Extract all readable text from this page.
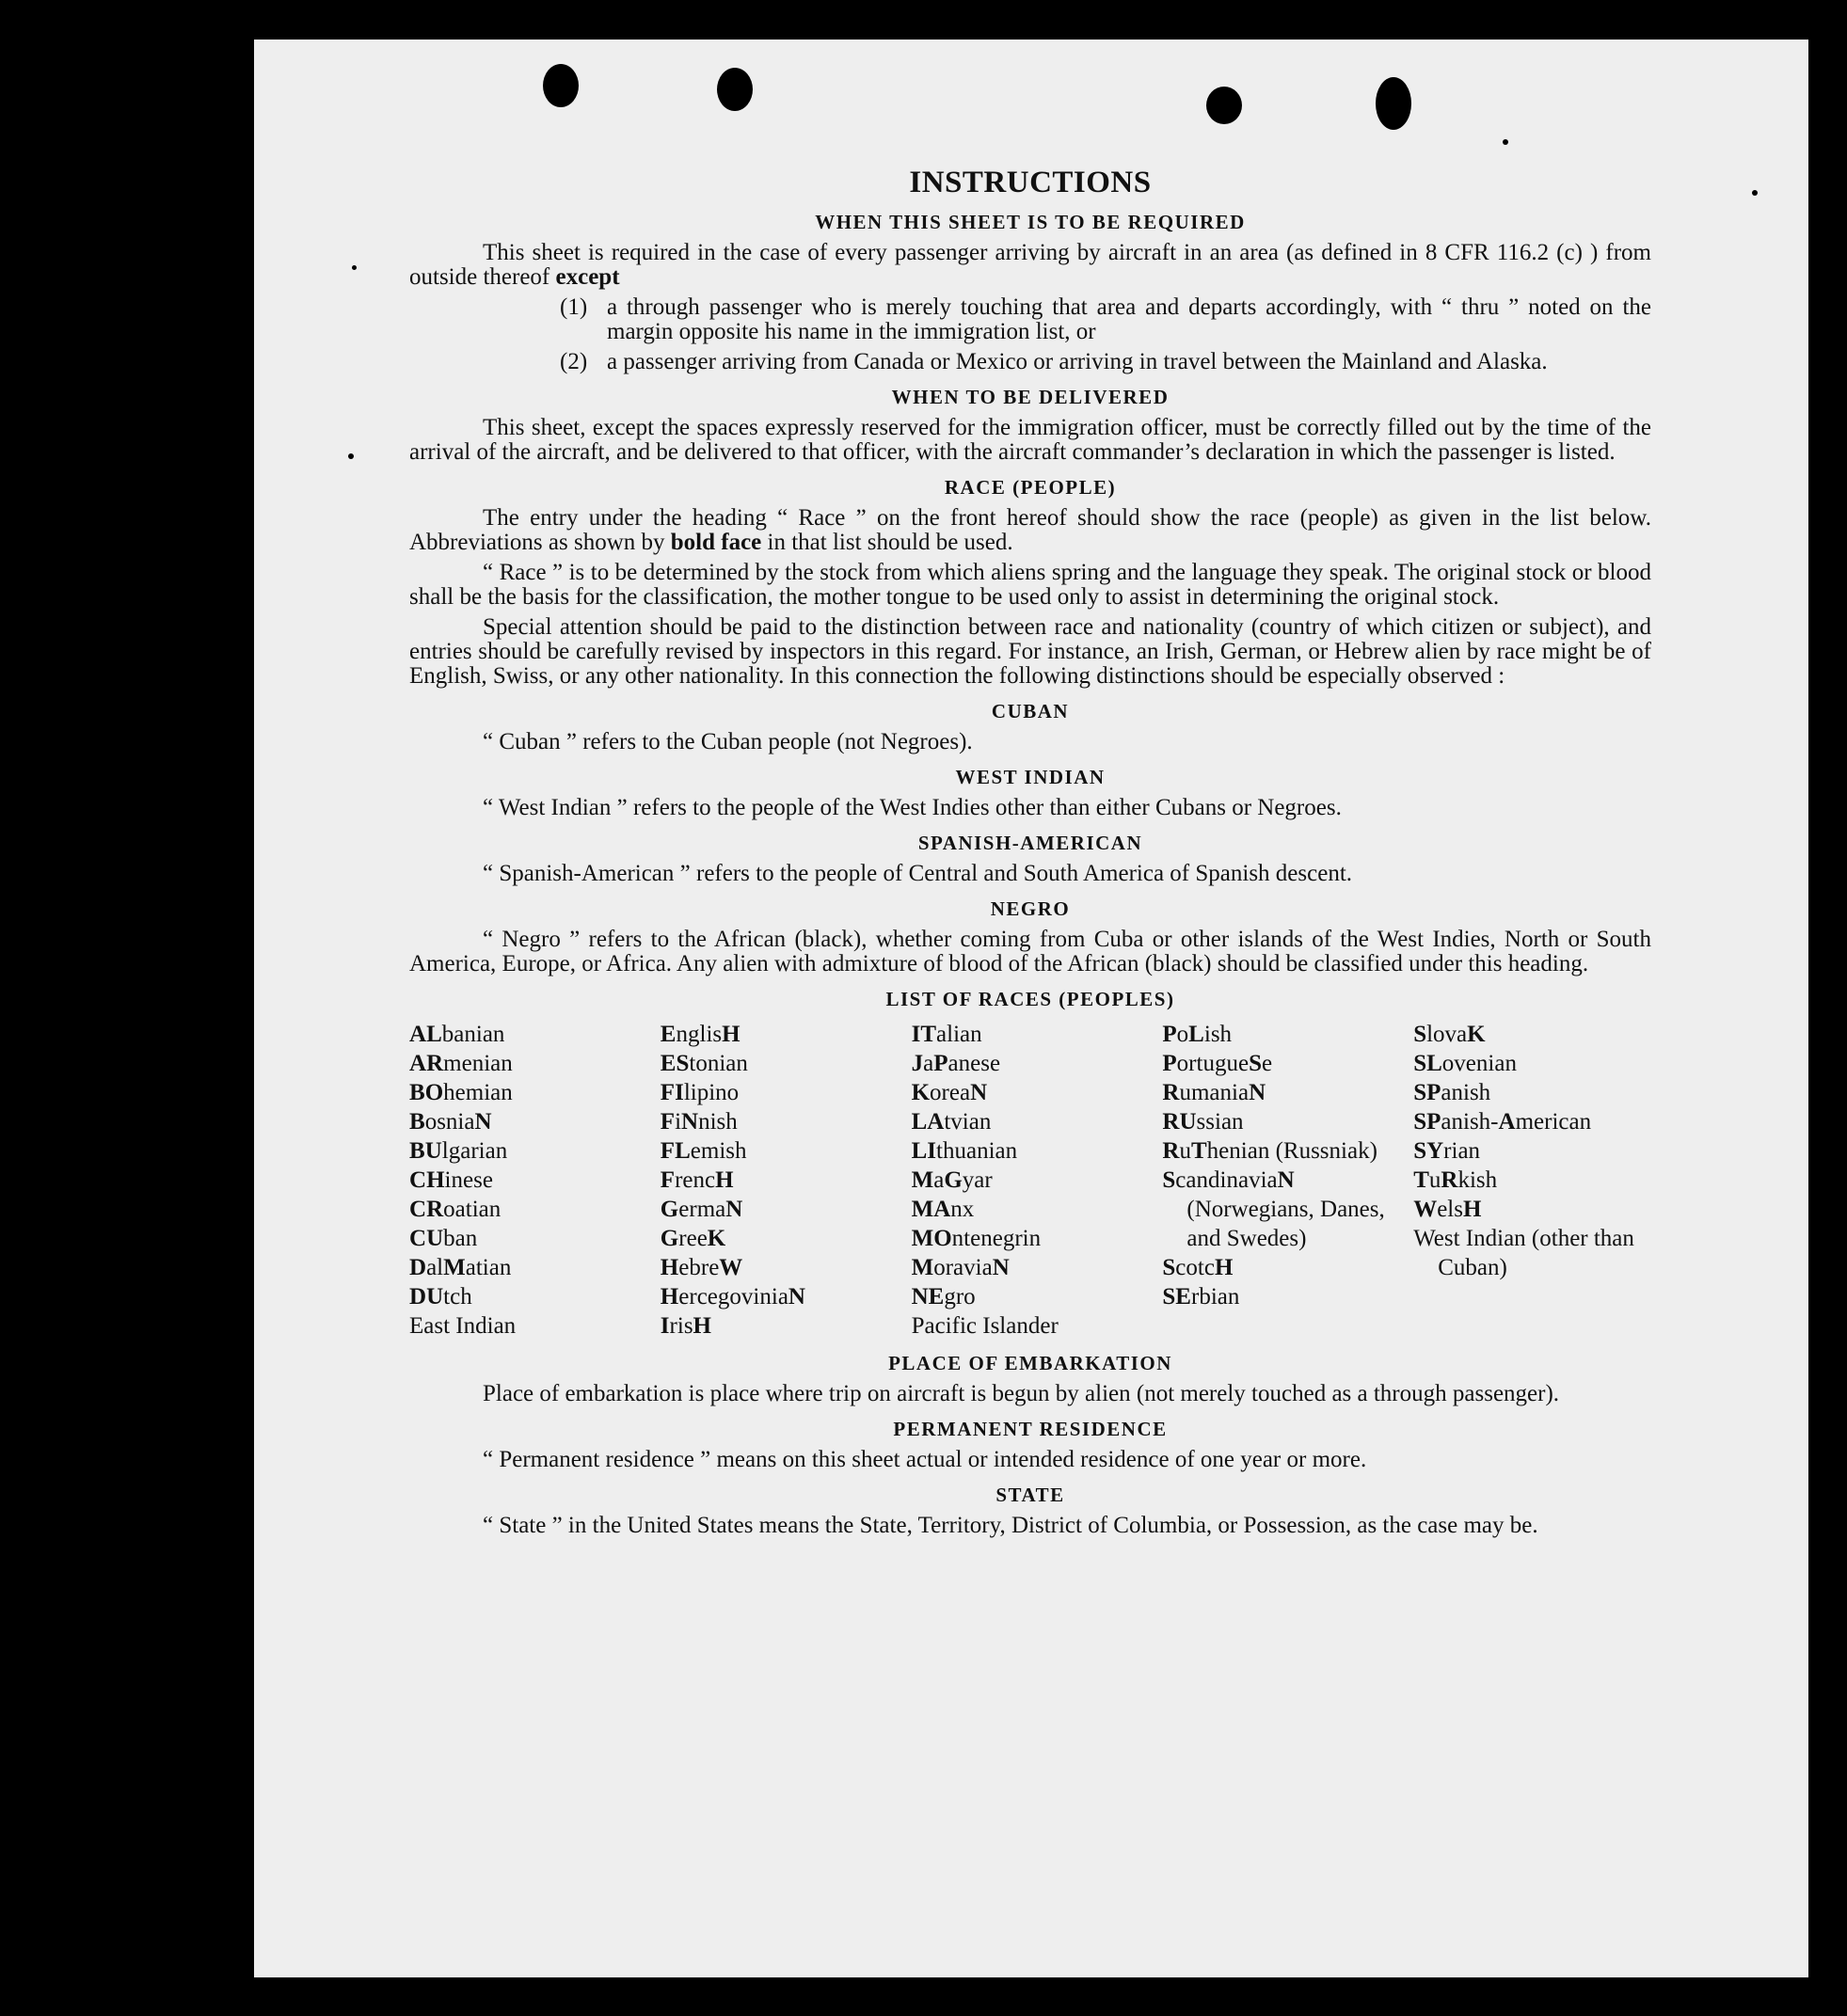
INSTRUCTIONS
WHEN THIS SHEET IS TO BE REQUIRED

This sheet is required in the case of every passenger arriving by aircraft in an area (as defined in 8 CFR 116.2 (c) ) from outside thereof except

(1) a through passenger who is merely touching that area and departs accordingly, with “ thru ” noted on the margin opposite his name in the immigration list, or
(2) a passenger arriving from Canada or Mexico or arriving in travel between the Mainland and Alaska.
WHEN TO BE DELIVERED

This sheet, except the spaces expressly reserved for the immigration officer, must be correctly filled out by the time of the arrival of the aircraft, and be delivered to that officer, with the aircraft commander’s declaration in which the passenger is listed.

RACE (PEOPLE)

The entry under the heading “ Race ” on the front hereof should show the race (people) as given in the list below. Abbreviations as shown by bold face in that list should be used.

“ Race ” is to be determined by the stock from which aliens spring and the language they speak. The original stock or blood shall be the basis for the classification, the mother tongue to be used only to assist in determining the original stock.

Special attention should be paid to the distinction between race and nationality (country of which citizen or subject), and entries should be carefully revised by inspectors in this regard. For instance, an Irish, German, or Hebrew alien by race might be of English, Swiss, or any other nationality. In this connection the following distinctions should be especially observed :

CUBAN

“ Cuban ” refers to the Cuban people (not Negroes).

WEST INDIAN

“ West Indian ” refers to the people of the West Indies other than either Cubans or Negroes.

SPANISH-AMERICAN

“ Spanish-American ” refers to the people of Central and South America of Spanish descent.

NEGRO

“ Negro ” refers to the African (black), whether coming from Cuba or other islands of the West Indies, North or South America, Europe, or Africa. Any alien with admixture of blood of the African (black) should be classified under this heading.

LIST OF RACES (PEOPLES)
ALbanian
ARmenian
BOhemian
BosniaN
BUlgarian
CHinese
CRoatian
CUban
DalMatian
DUtch
East Indian
EnglisH
EStonian
FIlipino
FiNnish
FLemish
FrencH
GermaN
GreeK
HebreW
HercegoviniaN
IrisH
ITalian
JaPanese
KoreaN
LAtvian
LIthuanian
MaGyar
MAnx
MOntenegrin
MoraviaN
NEgro
Pacific Islander
PoLish
PortugueSe
RumaniaN
RUssian
RuThenian (Russniak)
ScandinaviaN (Norwegians, Danes, and Swedes)
ScotcH
SErbian
SlovaK
SLovenian
SPanish
SPanish-American
SYrian
TuRkish
WelsH
West Indian (other than Cuban)
PLACE OF EMBARKATION

Place of embarkation is place where trip on aircraft is begun by alien (not merely touched as a through passenger).

PERMANENT RESIDENCE

“ Permanent residence ” means on this sheet actual or intended residence of one year or more.

STATE

“ State ” in the United States means the State, Territory, District of Columbia, or Possession, as the case may be.
